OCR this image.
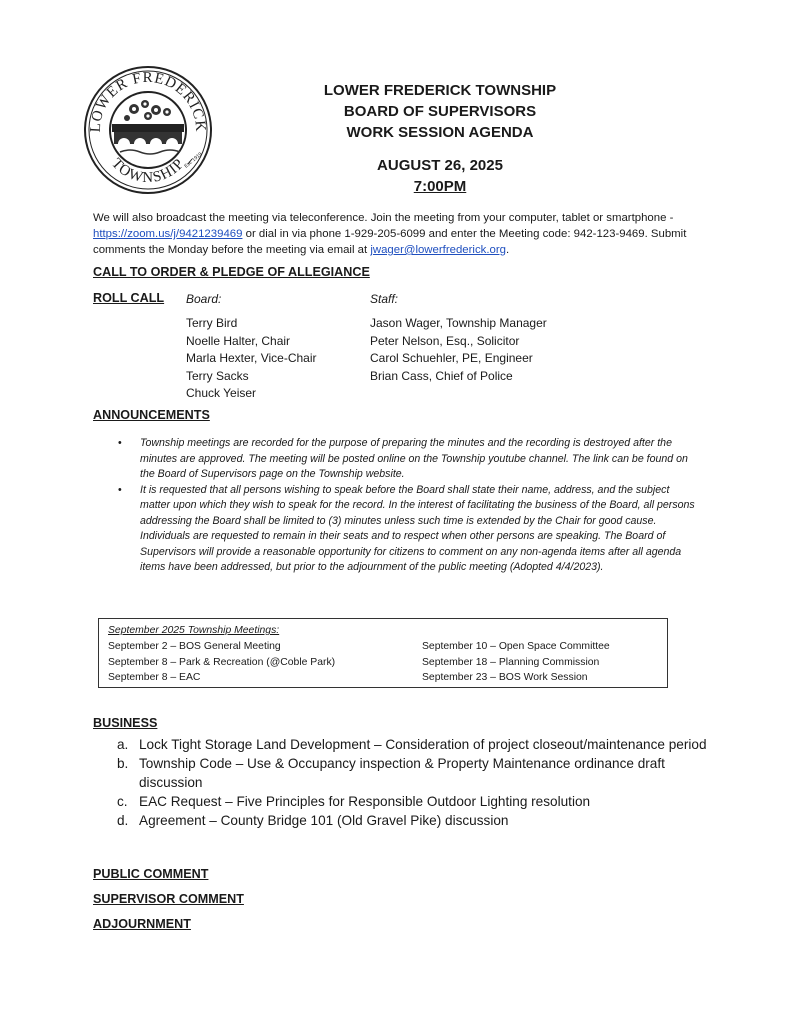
LOWER FREDERICK
TOWNSHIP
Est. 1919
LOWER FREDERICK TOWNSHIP
BOARD OF SUPERVISORS
WORK SESSION AGENDA
AUGUST 26, 2025
7:00PM
We will also broadcast the meeting via teleconference. Join the meeting from your computer, tablet or smartphone - https://zoom.us/j/9421239469 or dial in via phone 1-929-205-6099 and enter the Meeting code: 942-123-9469. Submit comments the Monday before the meeting via email at jwager@lowerfrederick.org.
CALL TO ORDER & PLEDGE OF ALLEGIANCE
ROLL CALL Board:	Staff:
Terry Bird
Noelle Halter, Chair
Marla Hexter, Vice-Chair
Terry Sacks
Chuck Yeiser
Jason Wager, Township Manager
Peter Nelson, Esq., Solicitor
Carol Schuehler, PE, Engineer
Brian Cass, Chief of Police
ANNOUNCEMENTS
• Township meetings are recorded for the purpose of preparing the minutes and the recording is destroyed after the minutes are approved. The meeting will be posted online on the Township youtube channel. The link can be found on the Board of Supervisors page on the Township website.
• It is requested that all persons wishing to speak before the Board shall state their name, address, and the subject matter upon which they wish to speak for the record. In the interest of facilitating the business of the Board, all persons addressing the Board shall be limited to (3) minutes unless such time is extended by the Chair for good cause. Individuals are requested to remain in their seats and to respect when other persons are speaking. The Board of Supervisors will provide a reasonable opportunity for citizens to comment on any non-agenda items after all agenda items have been addressed, but prior to the adjournment of the public meeting (Adopted 4/4/2023).
September 2025 Township Meetings:
September 2 – BOS General Meeting
September 8 – Park & Recreation (@Coble Park)
September 8 – EAC
September 10 – Open Space Committee
September 18 – Planning Commission
September 23 – BOS Work Session
BUSINESS
a. Lock Tight Storage Land Development – Consideration of project closeout/maintenance period
b. Township Code – Use & Occupancy inspection & Property Maintenance ordinance draft discussion
c. EAC Request – Five Principles for Responsible Outdoor Lighting resolution
d. Agreement – County Bridge 101 (Old Gravel Pike) discussion
PUBLIC COMMENT
SUPERVISOR COMMENT
ADJOURNMENT
